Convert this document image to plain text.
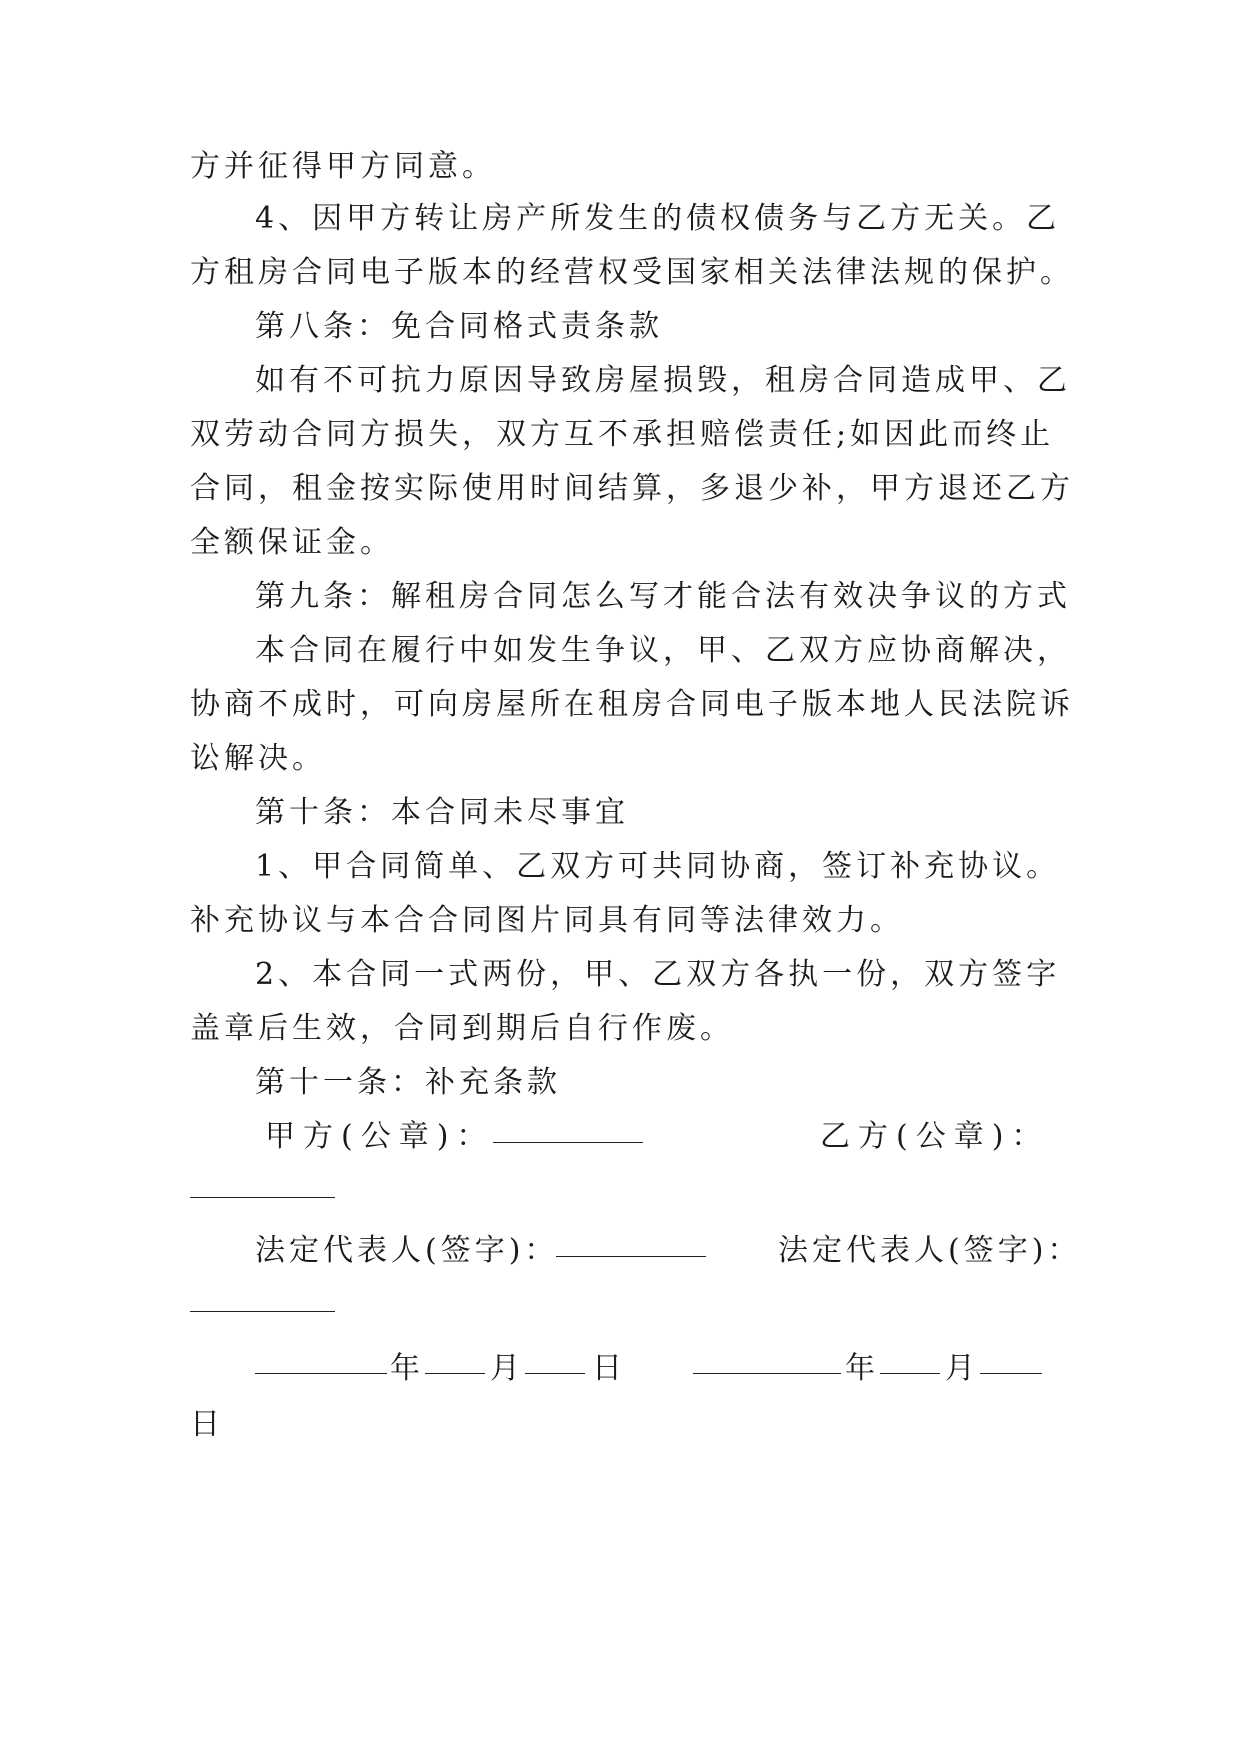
方并征得甲方同意。
4、因甲方转让房产所发生的债权债务与乙方无关。乙
方租房合同电子版本的经营权受国家相关法律法规的保护。
第八条：免合同格式责条款
如有不可抗力原因导致房屋损毁，租房合同造成甲、乙
双劳动合同方损失，双方互不承担赔偿责任;如因此而终止
合同，租金按实际使用时间结算，多退少补，甲方退还乙方
全额保证金。
第九条：解租房合同怎么写才能合法有效决争议的方式
本合同在履行中如发生争议，甲、乙双方应协商解决，
协商不成时，可向房屋所在租房合同电子版本地人民法院诉
讼解决。
第十条：本合同未尽事宜
1、甲合同简单、乙双方可共同协商，签订补充协议。
补充协议与本合合同图片同具有同等法律效力。
2、本合同一式两份，甲、乙双方各执一份，双方签字
盖章后生效，合同到期后自行作废。
第十一条：补充条款
甲方(公章)：	乙方(公章)：
法定代表人(签字)：	法定代表人(签字)：
年 月 日	年 月
日
